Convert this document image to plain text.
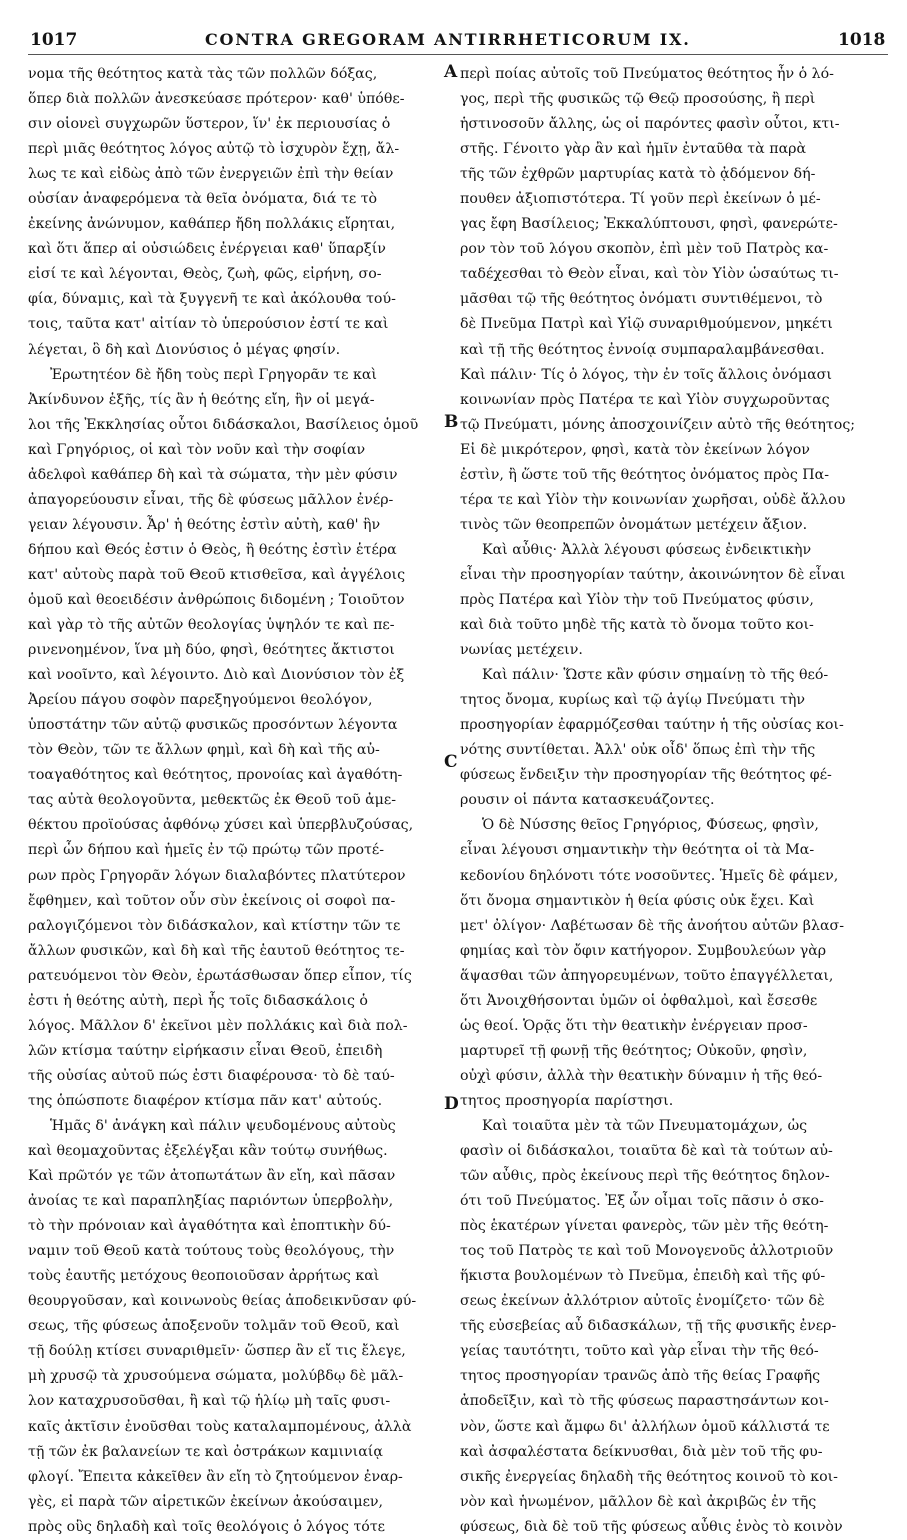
1017	CONTRA GREGORAM ANTIRRHETICORUM IX.	1018
νομα τῆς θεότητος κατὰ τὰς τῶν πολλῶν δόξας,
ὅπερ διὰ πολλῶν ἀνεσκεύασε πρότερον· καθ' ὑπόθε-
σιν οἱονεὶ συγχωρῶν ὕστερον, ἵν' ἐκ περιουσίας ὁ
περὶ μιᾶς θεότητος λόγος αὐτῷ τὸ ἰσχυρὸν ἔχῃ, ἄλ-
λως τε καὶ εἰδὼς ἀπὸ τῶν ἐνεργειῶν ἐπὶ τὴν θείαν
οὐσίαν ἀναφερόμενα τὰ θεῖα ὀνόματα, διά τε τὸ
ἐκείνης ἀνώνυμον, καθάπερ ἤδη πολλάκις εἴρηται,
καὶ ὅτι ἅπερ αἱ οὐσιώδεις ἐνέργειαι καθ' ὕπαρξίν
εἰσί τε καὶ λέγονται, Θεὸς, ζωὴ, φῶς, εἰρήνη, σο-
φία, δύναμις, καὶ τὰ ξυγγενῆ τε καὶ ἀκόλουθα τού-
τοις, ταῦτα κατ' αἰτίαν τὸ ὑπερούσιον ἐστί τε καὶ
λέγεται, ὃ δὴ καὶ Διονύσιος ὁ μέγας φησίν.
Ἐρωτητέον δὲ ἤδη τοὺς περὶ Γρηγορᾶν τε καὶ
Ἀκίνδυνον ἑξῆς, τίς ἂν ἡ θεότης εἴη, ἣν οἱ μεγά-
λοι τῆς Ἐκκλησίας οὗτοι διδάσκαλοι, Βασίλειος ὁμοῦ
καὶ Γρηγόριος, οἱ καὶ τὸν νοῦν καὶ τὴν σοφίαν
ἀδελφοὶ καθάπερ δὴ καὶ τὰ σώματα, τὴν μὲν φύσιν
ἀπαγορεύουσιν εἶναι, τῆς δὲ φύσεως μᾶλλον ἐνέρ-
γειαν λέγουσιν. Ἆρ' ἡ θεότης ἐστὶν αὐτὴ, καθ' ἣν
δήπου καὶ Θεός ἐστιν ὁ Θεὸς, ἢ θεότης ἐστὶν ἑτέρα
κατ' αὐτοὺς παρὰ τοῦ Θεοῦ κτισθεῖσα, καὶ ἀγγέλοις
ὁμοῦ καὶ θεοειδέσιν ἀνθρώποις διδομένη ; Τοιοῦτον
καὶ γὰρ τὸ τῆς αὐτῶν θεολογίας ὑψηλόν τε καὶ πε-
ρινενοημένον, ἵνα μὴ δύο, φησὶ, θεότητες ἄκτιστοι
καὶ νοοῖντο, καὶ λέγοιντο. Διὸ καὶ Διονύσιον τὸν ἐξ
Ἀρείου πάγου σοφὸν παρεξηγούμενοι θεολόγον,
ὑποστάτην τῶν αὐτῷ φυσικῶς προσόντων λέγοντα
τὸν Θεὸν, τῶν τε ἄλλων φημὶ, καὶ δὴ καὶ τῆς αὐ-
τοαγαθότητος καὶ θεότητος, προνοίας καὶ ἀγαθότη-
τας αὐτὰ θεολογοῦντα, μεθεκτῶς ἐκ Θεοῦ τοῦ ἀμε-
θέκτου προϊούσας ἀφθόνῳ χύσει καὶ ὑπερβλυζούσας,
περὶ ὧν δήπου καὶ ἡμεῖς ἐν τῷ πρώτῳ τῶν προτέ-
ρων πρὸς Γρηγορᾶν λόγων διαλαβόντες πλατύτερον
ἔφθημεν, καὶ τοῦτον οὖν σὺν ἐκείνοις οἱ σοφοὶ πα-
ραλογιζόμενοι τὸν διδάσκαλον, καὶ κτίστην τῶν τε
ἄλλων φυσικῶν, καὶ δὴ καὶ τῆς ἑαυτοῦ θεότητος τε-
ρατευόμενοι τὸν Θεὸν, ἐρωτάσθωσαν ὅπερ εἶπον, τίς
ἐστι ἡ θεότης αὐτὴ, περὶ ἧς τοῖς διδασκάλοις ὁ
λόγος. Μᾶλλον δ' ἐκεῖνοι μὲν πολλάκις καὶ διὰ πολ-
λῶν κτίσμα ταύτην εἰρήκασιν εἶναι Θεοῦ, ἐπειδὴ
τῆς οὐσίας αὐτοῦ πώς ἐστι διαφέρουσα· τὸ δὲ ταύ-
της ὁπώσποτε διαφέρον κτίσμα πᾶν κατ' αὐτούς.
Ἡμᾶς δ' ἀνάγκη καὶ πάλιν ψευδομένους αὐτοὺς
καὶ θεομαχοῦντας ἐξελέγξαι κἂν τούτῳ συνήθως.
Καὶ πρῶτόν γε τῶν ἀτοπωτάτων ἂν εἴη, καὶ πᾶσαν
ἀνοίας τε καὶ παραπληξίας παριόντων ὑπερβολὴν,
τὸ τὴν πρόνοιαν καὶ ἀγαθότητα καὶ ἐποπτικὴν δύ-
ναμιν τοῦ Θεοῦ κατὰ τούτους τοὺς θεολόγους, τὴν
τοὺς ἑαυτῆς μετόχους θεοποιοῦσαν ἀρρήτως καὶ
θεουργοῦσαν, καὶ κοινωνοὺς θείας ἀποδεικνῦσαν φύ-
σεως, τῆς φύσεως ἀποξενοῦν τολμᾶν τοῦ Θεοῦ, καὶ
τῇ δούλῃ κτίσει συναριθμεῖν· ὥσπερ ἂν εἴ τις ἔλεγε,
μὴ χρυσῷ τὰ χρυσούμενα σώματα, μολύβδῳ δὲ μᾶλ-
λον καταχρυσοῦσθαι, ἢ καὶ τῷ ἡλίῳ μὴ ταῖς φυσι-
καῖς ἀκτῖσιν ἐνοῦσθαι τοὺς καταλαμπομένους, ἀλλὰ
τῇ τῶν ἐκ βαλανείων τε καὶ ὀστράκων καμινιαίᾳ
φλογί. Ἔπειτα κἀκεῖθεν ἂν εἴη τὸ ζητούμενον ἐναρ-
γὲς, εἰ παρὰ τῶν αἱρετικῶν ἐκείνων ἀκούσαιμεν,
πρὸς οὓς δηλαδὴ καὶ τοῖς θεολόγοις ὁ λόγος τότε
περὶ ποίας αὐτοῖς τοῦ Πνεύματος θεότητος ἦν ὁ λό-
γος, περὶ τῆς φυσικῶς τῷ Θεῷ προσούσης, ἢ περὶ
ἡστινοσοῦν ἄλλης, ὡς οἱ παρόντες φασὶν οὗτοι, κτι-
στῆς. Γένοιτο γὰρ ἂν καὶ ἡμῖν ἐνταῦθα τὰ παρὰ
τῆς τῶν ἐχθρῶν μαρτυρίας κατὰ τὸ ᾀδόμενον δή-
πουθεν ἀξιοπιστότερα. Τί γοῦν περὶ ἐκείνων ὁ μέ-
γας ἔφη Βασίλειος; Ἐκκαλύπτουσι, φησὶ, φανερώτε-
ρον τὸν τοῦ λόγου σκοπὸν, ἐπὶ μὲν τοῦ Πατρὸς κα-
ταδέχεσθαι τὸ Θεὸν εἶναι, καὶ τὸν Υἱὸν ὡσαύτως τι-
μᾶσθαι τῷ τῆς θεότητος ὀνόματι συντιθέμενοι, τὸ
δὲ Πνεῦμα Πατρὶ καὶ Υἱῷ συναριθμούμενον, μηκέτι
καὶ τῇ τῆς θεότητος ἐννοίᾳ συμπαραλαμβάνεσθαι.
Καὶ πάλιν· Τίς ὁ λόγος, τὴν ἐν τοῖς ἄλλοις ὀνόμασι
κοινωνίαν πρὸς Πατέρα τε καὶ Υἱὸν συγχωροῦντας
τῷ Πνεύματι, μόνης ἀποσχοινίζειν αὐτὸ τῆς θεότητος;
Εἰ δὲ μικρότερον, φησὶ, κατὰ τὸν ἐκείνων λόγον
ἐστὶν, ἢ ὥστε τοῦ τῆς θεότητος ὀνόματος πρὸς Πα-
τέρα τε καὶ Υἱὸν τὴν κοινωνίαν χωρῆσαι, οὐδὲ ἄλλου
τινὸς τῶν θεοπρεπῶν ὀνομάτων μετέχειν ἄξιον.
Καὶ αὖθις· Ἀλλὰ λέγουσι φύσεως ἐνδεικτικὴν
εἶναι τὴν προσηγορίαν ταύτην, ἀκοινώνητον δὲ εἶναι
πρὸς Πατέρα καὶ Υἱὸν τὴν τοῦ Πνεύματος φύσιν,
καὶ διὰ τοῦτο μηδὲ τῆς κατὰ τὸ ὄνομα τοῦτο κοι-
νωνίας μετέχειν.
Καὶ πάλιν· Ὥστε κἂν φύσιν σημαίνῃ τὸ τῆς θεό-
τητος ὄνομα, κυρίως καὶ τῷ ἁγίῳ Πνεύματι τὴν
προσηγορίαν ἐφαρμόζεσθαι ταύτην ἡ τῆς οὐσίας κοι-
νότης συντίθεται. Ἀλλ' οὐκ οἶδ' ὅπως ἐπὶ τὴν τῆς
φύσεως ἔνδειξιν τὴν προσηγορίαν τῆς θεότητος φέ-
ρουσιν οἱ πάντα κατασκευάζοντες.
Ὁ δὲ Νύσσης θεῖος Γρηγόριος, Φύσεως, φησὶν,
εἶναι λέγουσι σημαντικὴν τὴν θεότητα οἱ τὰ Μα-
κεδονίου δηλόνοτι τότε νοσοῦντες. Ἡμεῖς δὲ φάμεν,
ὅτι ὄνομα σημαντικὸν ἡ θεία φύσις οὐκ ἔχει. Καὶ
μετ' ὀλίγον· Λαβέτωσαν δὲ τῆς ἀνοήτου αὐτῶν βλασ-
φημίας καὶ τὸν ὄφιν κατήγορον. Συμβουλεύων γὰρ
ἅψασθαι τῶν ἀπηγορευμένων, τοῦτο ἐπαγγέλλεται,
ὅτι Ἀνοιχθήσονται ὑμῶν οἱ ὀφθαλμοὶ, καὶ ἔσεσθε
ὡς θεοί. Ὁρᾷς ὅτι τὴν θεατικὴν ἐνέργειαν προσ-
μαρτυρεῖ τῇ φωνῇ τῆς θεότητος; Οὐκοῦν, φησὶν,
οὐχὶ φύσιν, ἀλλὰ τὴν θεατικὴν δύναμιν ἡ τῆς θεό-
τητος προσηγορία παρίστησι.
Καὶ τοιαῦτα μὲν τὰ τῶν Πνευματομάχων, ὡς
φασὶν οἱ διδάσκαλοι, τοιαῦτα δὲ καὶ τὰ τούτων αὐ-
τῶν αὖθις, πρὸς ἐκείνους περὶ τῆς θεότητος δηλον-
ότι τοῦ Πνεύματος. Ἐξ ὧν οἶμαι τοῖς πᾶσιν ὁ σκο-
πὸς ἑκατέρων γίνεται φανερὸς, τῶν μὲν τῆς θεότη-
τος τοῦ Πατρὸς τε καὶ τοῦ Μονογενοῦς ἀλλοτριοῦν
ἥκιστα βουλομένων τὸ Πνεῦμα, ἐπειδὴ καὶ τῆς φύ-
σεως ἐκείνων ἀλλότριον αὐτοῖς ἐνομίζετο· τῶν δὲ
τῆς εὐσεβείας αὖ διδασκάλων, τῇ τῆς φυσικῆς ἐνερ-
γείας ταυτότητι, τοῦτο καὶ γὰρ εἶναι τὴν τῆς θεό-
τητος προσηγορίαν τρανῶς ἀπὸ τῆς θείας Γραφῆς
ἀποδεῖξιν, καὶ τὸ τῆς φύσεως παραστησάντων κοι-
νὸν, ὥστε καὶ ἄμφω δι' ἀλλήλων ὁμοῦ κάλλιστά τε
καὶ ἀσφαλέστατα δείκνυσθαι, διὰ μὲν τοῦ τῆς φυ-
σικῆς ἐνεργείας δηλαδὴ τῆς θεότητος κοινοῦ τὸ κοι-
νὸν καὶ ἡνωμένον, μᾶλλον δὲ καὶ ἀκριβῶς ἐν τῆς
φύσεως, διὰ δὲ τοῦ τῆς φύσεως αὖθις ἑνὸς τὸ κοινὸν
A
B
C
D
